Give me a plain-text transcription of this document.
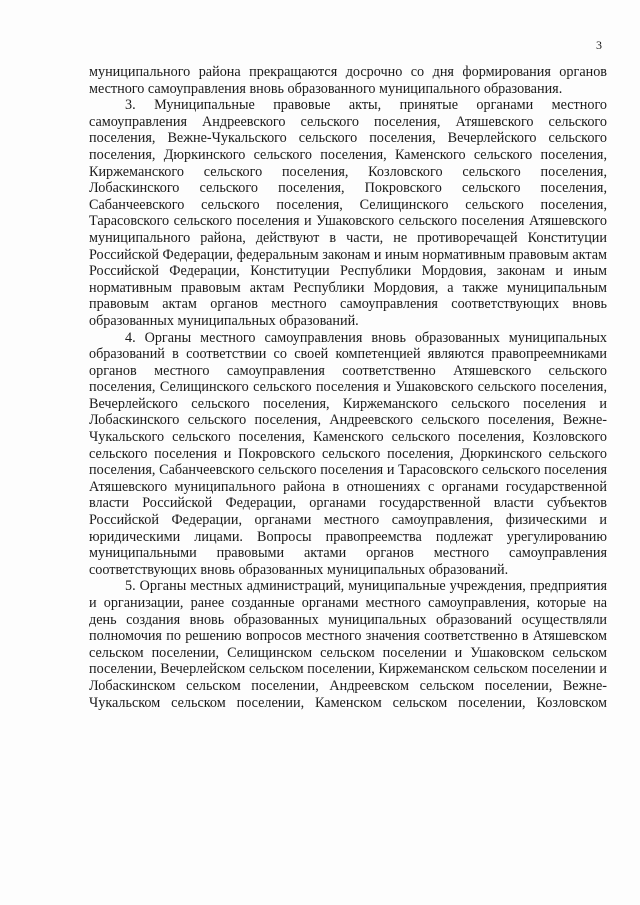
3

муниципального района прекращаются досрочно со дня формирования органов местного самоуправления вновь образованного муниципального образования.

3. Муниципальные правовые акты, принятые органами местного самоуправления Андреевского сельского поселения, Атяшевского сельского поселения, Вежне-Чукальского сельского поселения, Вечерлейского сельского поселения, Дюркинского сельского поселения, Каменского сельского поселения, Киржеманского сельского поселения, Козловского сельского поселения, Лобаскинского сельского поселения, Покровского сельского поселения, Сабанчеевского сельского поселения, Селищинского сельского поселения, Тарасовского сельского поселения и Ушаковского сельского поселения Атяшевского муниципального района, действуют в части, не противоречащей Конституции Российской Федерации, федеральным законам и иным нормативным правовым актам Российской Федерации, Конституции Республики Мордовия, законам и иным нормативным правовым актам Республики Мордовия, а также муниципальным правовым актам органов местного самоуправления соответствующих вновь образованных муниципальных образований.

4. Органы местного самоуправления вновь образованных муниципальных образований в соответствии со своей компетенцией являются правопреемниками органов местного самоуправления соответственно Атяшевского сельского поселения, Селищинского сельского поселения и Ушаковского сельского поселения, Вечерлейского сельского поселения, Киржеманского сельского поселения и Лобаскинского сельского поселения, Андреевского сельского поселения, Вежне-Чукальского сельского поселения, Каменского сельского поселения, Козловского сельского поселения и Покровского сельского поселения, Дюркинского сельского поселения, Сабанчеевского сельского поселения и Тарасовского сельского поселения Атяшевского муниципального района в отношениях с органами государственной власти Российской Федерации, органами государственной власти субъектов Российской Федерации, органами местного самоуправления, физическими и юридическими лицами. Вопросы правопреемства подлежат урегулированию муниципальными правовыми актами органов местного самоуправления соответствующих вновь образованных муниципальных образований.

5. Органы местных администраций, муниципальные учреждения, предприятия и организации, ранее созданные органами местного самоуправления, которые на день создания вновь образованных муниципальных образований осуществляли полномочия по решению вопросов местного значения соответственно в Атяшевском сельском поселении, Селищинском сельском поселении и Ушаковском сельском поселении, Вечерлейском сельском поселении, Киржеманском сельском поселении и Лобаскинском сельском поселении, Андреевском сельском поселении, Вежне-Чукальском сельском поселении, Каменском сельском поселении, Козловском
